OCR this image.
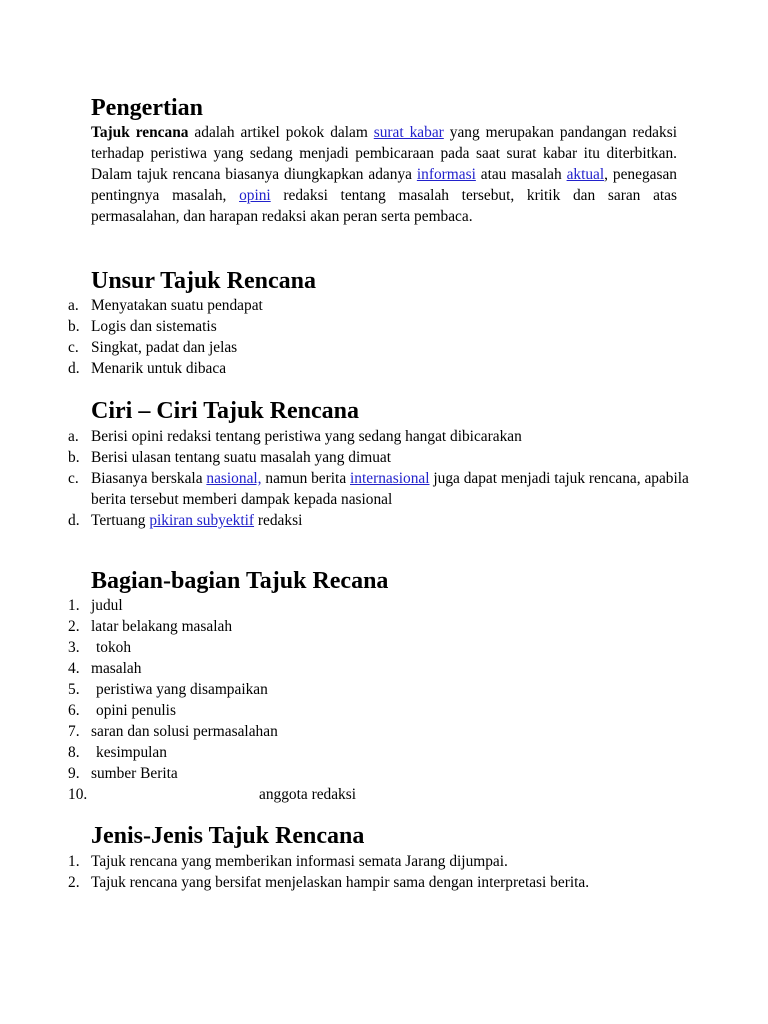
Pengertian
Tajuk rencana adalah artikel pokok dalam surat kabar yang merupakan pandangan redaksi terhadap peristiwa yang sedang menjadi pembicaraan pada saat surat kabar itu diterbitkan. Dalam tajuk rencana biasanya diungkapkan adanya informasi atau masalah aktual, penegasan pentingnya masalah, opini redaksi tentang masalah tersebut, kritik dan saran atas permasalahan, dan harapan redaksi akan peran serta pembaca.
Unsur Tajuk Rencana
a. Menyatakan suatu pendapat
b. Logis dan sistematis
c. Singkat, padat dan jelas
d. Menarik untuk dibaca
Ciri – Ciri Tajuk Rencana
a. Berisi opini redaksi tentang peristiwa yang sedang hangat dibicarakan
b. Berisi ulasan tentang suatu masalah yang dimuat
c. Biasanya berskala nasional, namun berita internasional juga dapat menjadi tajuk rencana, apabila berita tersebut memberi dampak kepada nasional
d. Tertuang pikiran subyektif redaksi
Bagian-bagian Tajuk Recana
1. judul
2. latar belakang masalah
3. tokoh
4. masalah
5. peristiwa yang disampaikan
6. opini penulis
7. saran dan solusi permasalahan
8. kesimpulan
9. sumber Berita
10.	anggota redaksi
Jenis-Jenis Tajuk Rencana
1. Tajuk rencana yang memberikan informasi semata Jarang dijumpai.
2. Tajuk rencana yang bersifat menjelaskan hampir sama dengan interpretasi berita.
